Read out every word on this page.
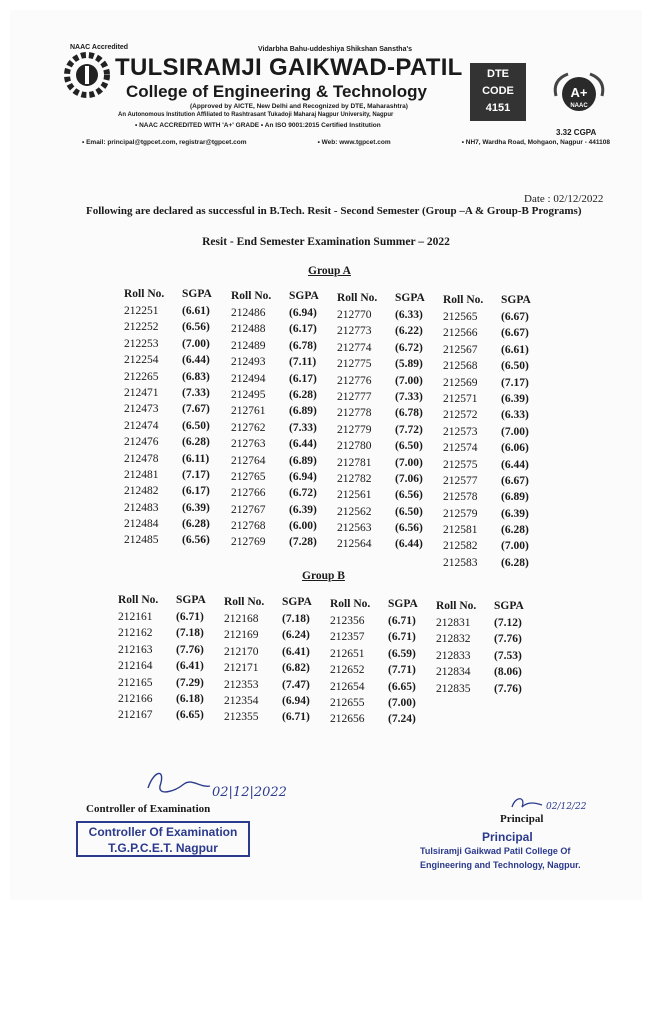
NAAC Accredited	Vidarbha Bahu-uddeshiya Shikshan Sanstha's
TULSIRAMJI GAIKWAD-PATIL
College of Engineering & Technology
(Approved by AICTE, New Delhi and Recognized by DTE, Maharashtra)
An Autonomous Institution Affiliated to Rashtrasant Tukadoji Maharaj Nagpur University, Nagpur
• NAAC ACCREDITED WITH 'A+' GRADE • An ISO 9001:2015 Certified Institution
• Email: principal@tgpcet.com, registrar@tgpcet.com	• Web: www.tgpcet.com	• NH7, Wardha Road, Mohgaon, Nagpur - 441108
DTE
CODE
4151
A+
NAAC
3.32 CGPA
Date : 02/12/2022
Following are declared as successful in B.Tech. Resit - Second Semester (Group –A & Group-B Programs)
Resit - End Semester Examination Summer – 2022
Group A
Roll No.	SGPA
212251	(6.61)
212252	(6.56)
212253	(7.00)
212254	(6.44)
212265	(6.83)
212471	(7.33)
212473	(7.67)
212474	(6.50)
212476	(6.28)
212478	(6.11)
212481	(7.17)
212482	(6.17)
212483	(6.39)
212484	(6.28)
212485	(6.56)
Roll No.	SGPA
212486	(6.94)
212488	(6.17)
212489	(6.78)
212493	(7.11)
212494	(6.17)
212495	(6.28)
212761	(6.89)
212762	(7.33)
212763	(6.44)
212764	(6.89)
212765	(6.94)
212766	(6.72)
212767	(6.39)
212768	(6.00)
212769	(7.28)
Roll No.	SGPA
212770	(6.33)
212773	(6.22)
212774	(6.72)
212775	(5.89)
212776	(7.00)
212777	(7.33)
212778	(6.78)
212779	(7.72)
212780	(6.50)
212781	(7.00)
212782	(7.06)
212561	(6.56)
212562	(6.50)
212563	(6.56)
212564	(6.44)
Roll No.	SGPA
212565	(6.67)
212566	(6.67)
212567	(6.61)
212568	(6.50)
212569	(7.17)
212571	(6.39)
212572	(6.33)
212573	(7.00)
212574	(6.06)
212575	(6.44)
212577	(6.67)
212578	(6.89)
212579	(6.39)
212581	(6.28)
212582	(7.00)
212583	(6.28)
Group B
Roll No.	SGPA
212161	(6.71)
212162	(7.18)
212163	(7.76)
212164	(6.41)
212165	(7.29)
212166	(6.18)
212167	(6.65)
Roll No.	SGPA
212168	(7.18)
212169	(6.24)
212170	(6.41)
212171	(6.82)
212353	(7.47)
212354	(6.94)
212355	(6.71)
Roll No.	SGPA
212356	(6.71)
212357	(6.71)
212651	(6.59)
212652	(7.71)
212654	(6.65)
212655	(7.00)
212656	(7.24)
Roll No.	SGPA
212831	(7.12)
212832	(7.76)
212833	(7.53)
212834	(8.06)
212835	(7.76)
02|12|2022
Controller of Examination
Controller Of Examination
T.G.P.C.E.T. Nagpur
02/12/22
Principal
Principal
Tulsiramji Gaikwad Patil College Of
Engineering and Technology, Nagpur.
